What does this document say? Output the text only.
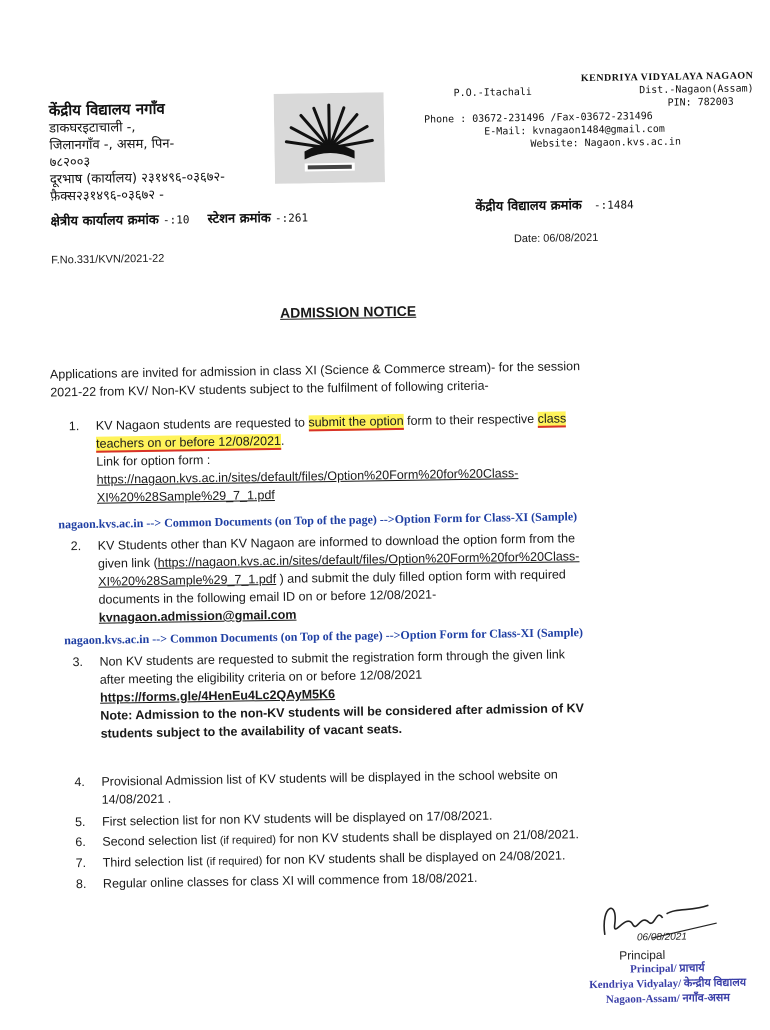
केंद्रीय विद्यालय नगाँव
डाकघरइटाचाली -,
जिलानगाँव -, असम, पिन-
७८२००३
दूरभाष (कार्यालय) २३१४९६-०३६७२-
फ़ैक्स२३१४९६-०३६७२ -
क्षेत्रीय कार्यालय क्रमांक -:10 स्टेशन क्रमांक -:261
KENDRIYA VIDYALAYA NAGAON
P.O.-Itachali	Dist.-Nagaon(Assam)
PIN: 782003
Phone : 03672-231496 /Fax-03672-231496
E-Mail: kvnagaon1484@gmail.com
Website: Nagaon.kvs.ac.in
केंद्रीय विद्यालय क्रमांक -:1484
F.No.331/KVN/2021-22
Date: 06/08/2021
ADMISSION NOTICE
Applications are invited for admission in class XI (Science & Commerce stream)- for the session
2021-22 from KV/ Non-KV students subject to the fulfilment of following criteria-
1.	KV Nagaon students are requested to submit the option form to their respective class
teachers on or before 12/08/2021.
Link for option form :
https://nagaon.kvs.ac.in/sites/default/files/Option%20Form%20for%20Class-
XI%20%28Sample%29_7_1.pdf
nagaon.kvs.ac.in --> Common Documents (on Top of the page) -->Option Form for Class-XI (Sample)
2.	KV Students other than KV Nagaon are informed to download the option form from the
given link (https://nagaon.kvs.ac.in/sites/default/files/Option%20Form%20for%20Class-
XI%20%28Sample%29_7_1.pdf ) and submit the duly filled option form with required
documents in the following email ID on or before 12/08/2021-
kvnagaon.admission@gmail.com
nagaon.kvs.ac.in --> Common Documents (on Top of the page) -->Option Form for Class-XI (Sample)
3.	Non KV students are requested to submit the registration form through the given link
after meeting the eligibility criteria on or before 12/08/2021
https://forms.gle/4HenEu4Lc2QAyM5K6
Note: Admission to the non-KV students will be considered after admission of KV
students subject to the availability of vacant seats.
4.	Provisional Admission list of KV students will be displayed in the school website on
14/08/2021 .
5.	First selection list for non KV students will be displayed on 17/08/2021.
6.	Second selection list (if required) for non KV students shall be displayed on 21/08/2021.
7.	Third selection list (if required) for non KV students shall be displayed on 24/08/2021.
8.	Regular online classes for class XI will commence from 18/08/2021.
06/08/2021
Principal
Principal/ प्राचार्य
Kendriya Vidyalay/ केन्द्रीय विद्यालय
Nagaon-Assam/ नगाँव-असम
